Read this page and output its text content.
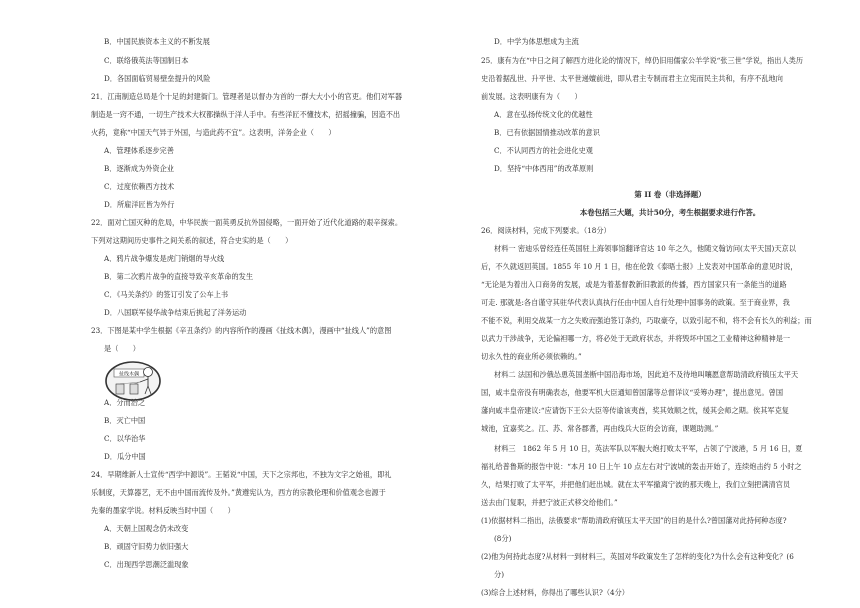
B．中国民族资本主义的不断发展
C．联络俄英法等国制日本
D．各国面临贸易壁垒提升的风险
21．江南制造总局是个十足的封建衙门。管理者是以督办为首的一群大大小小的官吏。他们对军器
制造是一窍不通，一切生产技术大权都操纵于洋人手中。有些洋匠不懂技术，招摇撞骗，因造不出
火药，竟称“中国天气异于外国，与造此药不宜”。这表明，洋务企业（　　）
A．管理体系逐步完善
B．逐渐成为外资企业
C．过度依赖西方技术
D．所雇洋匠皆为外行
22．面对亡国灭种的危局，中华民族一面英勇反抗外国侵略，一面开始了近代化道路的艰辛探索。
下列对这期间历史事件之间关系的叙述，符合史实的是（　　）
A．鸦片战争爆发是虎门销烟的导火线
B．第二次鸦片战争的直接导致辛亥革命的发生
C．《马关条约》的签订引发了公车上书
D．八国联军侵华战争结束后挑起了洋务运动
23．下图是某中学生根据《辛丑条约》的内容所作的漫画《扯线木偶》，漫画中“扯线人”的意图
是（　　）
扯线木偶
A．分而治之
B．灭亡中国
C．以华治华
D．瓜分中国
24．早期维新人士宣传“西学中源说”。王韬说“中国，天下之宗邦也，不独为文字之始祖，即礼
乐制度，天算器艺，无不由中国而流传及外。”黄遵宪认为，西方的宗教伦理和价值观念也源于
先秦的墨家学说。材料反映当时中国（　　）
A．天朝上国观念仍未改变
B．顽固守旧势力依旧强大
C．出现西学思潮泛滥现象
D．中学为体思想成为主流
25．康有为在“中日之间了解西方进化论的情况下，绰仍旧用儒家公羊学说“张三世”学说，指出人类历
史沿着据乱世、升平世、太平世递嬗前进，即从君主专制而君主立宪而民主共和，有序不乱地向
前发展。这表明康有为（　　）
A．意在弘扬传统文化的优越性
B．已有依据国情推动改革的意识
C．不认同西方的社会进化史观
D．坚持“中体西用”的改革原则
第 II 卷（非选择题）
本卷包括三大题，共计50分，考生根据要求进行作答。
26．阅读材料，完成下列要求。（18分）
材料一 密迪乐曾经连任英国驻上海领事馆翻译官达 10 年之久，他随文翰访问(太平天国)天京以
后，不久就返回英国。1855 年 10 月 1 日，他在伦敦《泰晤士报》上发表对中国革命的意见时说，
“无论是为着出入口商务的发展，或是为着基督教新旧教派的传播，西方国家只有一条能当的道路
可走. 那就是:各自谨守其驻华代表认真执行任由中国人自行处理中国事务的政策。至于商业界，我
不能不说，利用交战某一方之失败而强迫签订条约，巧取豪夺，以致引起不和，将不会有长久的利益；而
以武力干涉战争，无论偏袒哪一方，将必处于无政府状态，并将毁坏中国之工业精神这种精神是一
切永久性的商业所必须依赖的。”
材料二 法国和沙俄怂恿英国垄断中国沿海市场，因此迫不及待地叫嚷愿意帮助清政府镇压太平天
国，咸丰皇帝没有明确表态，他要军机大臣通知曾国藩等总督详议“妥筹办理”，提出意见。曾国
藩向咸丰皇帝建议:“应请饬下王公大臣等传谕该夷酋，奖其效顺之忱，缓其会师之期。俟其军克复
城池，宜嘉奖之。江、苏、常各郡耆，再由线兵大臣的会访商，课题助测。”
材料三　1862 年 5 月 10 日，英法军队以军舰大炮打败太平军，占领了宁波港，5 月 16 日，夏
福礼给普鲁斯的报告中说：“本月 10 日上午 10 点左右对宁波城的轰击开始了，连续炮击约 5 小时之
久，结果打败了太平军，并把他们赶出城。就在太平军撤离宁波的那天晚上，我们立刻把满清官员
送去由门复职，并把宁波正式移交给他们。”
(1)依据材料二指出，法俄要求“帮助清政府镇压太平天国”的目的是什么?曾国藩对此持何种态度?
(8分)
(2)他为何持此态度?从材料一到材料三，英国对华政策发生了怎样的变化?为什么会有这种变化？(6
分)
(3)综合上述材料，你得出了哪些认识?（4分）
